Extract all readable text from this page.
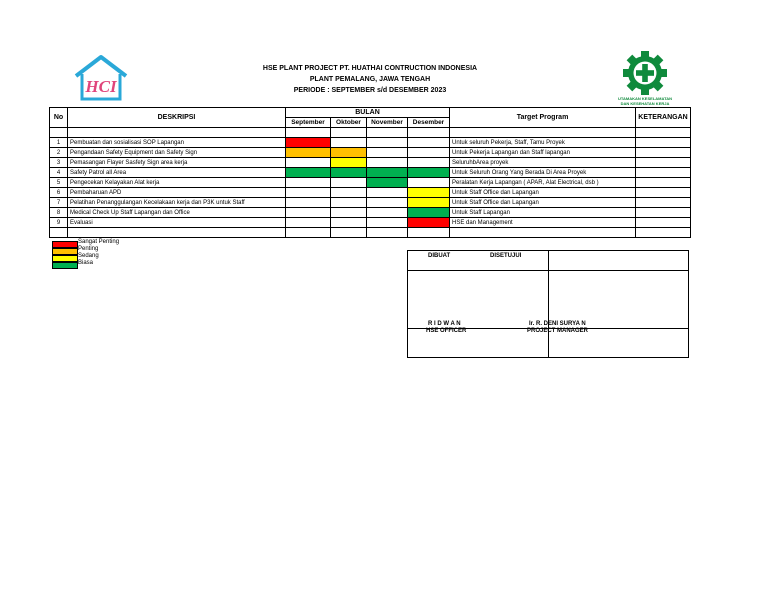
HSE PLANT PROJECT PT. HUATHAI CONTRUCTION INDONESIA
PLANT PEMALANG, JAWA TENGAH
PERIODE : SEPTEMBER s/d DESEMBER 2023
HCI
UTAMAKAN KESELAMATAN
DAN KESEHATAN KERJA
No	DESKRIPSI	BULAN				Target Program	KETERANGAN
		September	Oktober	November	Desember		

1	Pembuatan dan sosialisasi SOP Lapangan					Untuk seluruh Pekerja, Staff, Tamu Proyek	
2	Pengandaan Safety Equipment dan Safety Sign					Untuk Pekerja Lapangan dan Staff lapangan	
3	Pemasangan Flayer Sasfety Sign area kerja					SeluruhbArea proyek	
4	Safety Patrol all Area					Untuk Seluruh Orang Yang Berada Di Area Proyek	
5	Pengecekan Kelayakan Alat kerja					Peralatan Kerja Lapangan ( APAR, Alat Electrical, dsb )	
6	Pembaharuan APD					Untuk Staff Office dan Lapangan	
7	Pelatihan Penanggulangan Kecelakaan kerja dan P3K untuk Staff					Untuk Staff Office dan Lapangan	
8	Medical Check Up Staff Lapangan dan Office					Untuk Staff Lapangan	
9	Evaluasi					HSE dan Management	

Sangat Penting
Penting
Sedang
Biasa
DIBUAT	DISETUJUI
R I D W A N
HSE OFFICER
Ir. R. DENI SURYA N
PROJECT MANAGER
